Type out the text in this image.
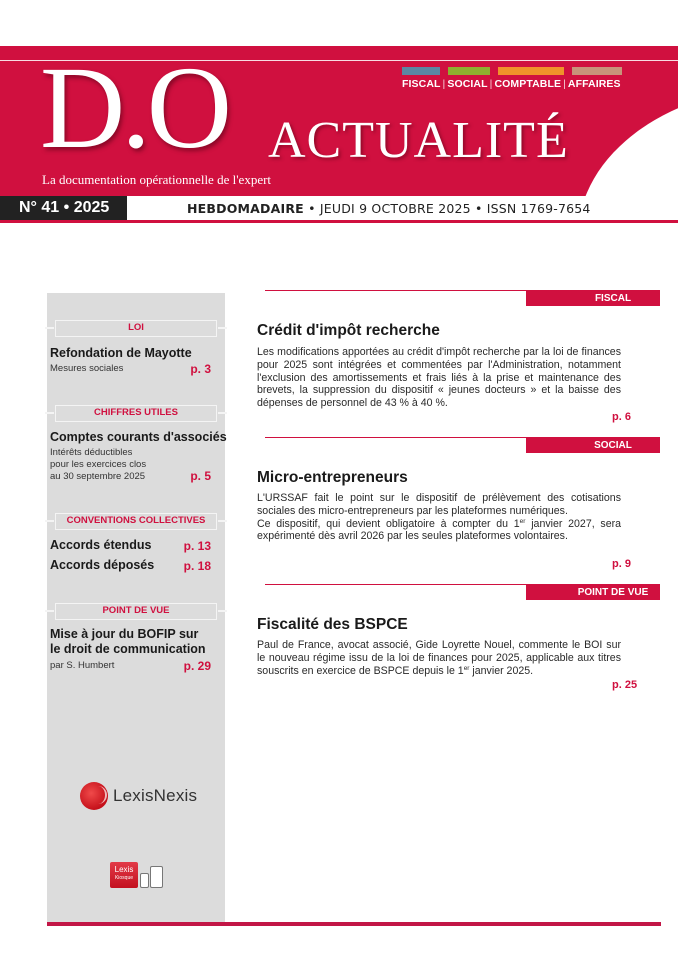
D.O ACTUALITÉ
La documentation opérationnelle de l'expert
FISCAL | SOCIAL | COMPTABLE | AFFAIRES
N° 41 • 2025	HEBDOMADAIRE • JEUDI 9 OCTOBRE 2025 • ISSN 1769-7654
LOI
Refondation de Mayotte
Mesures sociales	p. 3
CHIFFRES UTILES
Comptes courants d'associés
Intérêts déductibles
pour les exercices clos
au 30 septembre 2025	p. 5
CONVENTIONS COLLECTIVES
Accords étendus	p. 13
Accords déposés p. 18
POINT DE VUE
Mise à jour du BOFIP sur
le droit de communication
par S. Humbert	p. 29
LexisNexis
Lexis
Kiosque
FISCAL
Crédit d'impôt recherche

Les modifications apportées au crédit d'impôt recherche par la loi de finances pour 2025 sont intégrées et commentées par l'Administration, notamment l'exclusion des amortissements et frais liés à la prise et maintenance des brevets, la suppression du dispositif « jeunes docteurs » et la baisse des dépenses de personnel de 43 % à 40 %.

p. 6
SOCIAL
Micro-entrepreneurs

L'URSSAF fait le point sur le dispositif de prélèvement des cotisations sociales des micro-entrepreneurs par les plateformes numériques.

Ce dispositif, qui devient obligatoire à compter du 1er janvier 2027, sera expérimenté dès avril 2026 par les seules plateformes volontaires.

p. 9
POINT DE VUE
Fiscalité des BSPCE

Paul de France, avocat associé, Gide Loyrette Nouel, commente le BOI sur le nouveau régime issu de la loi de finances pour 2025, applicable aux titres souscrits en exercice de BSPCE depuis le 1er janvier 2025.

p. 25
